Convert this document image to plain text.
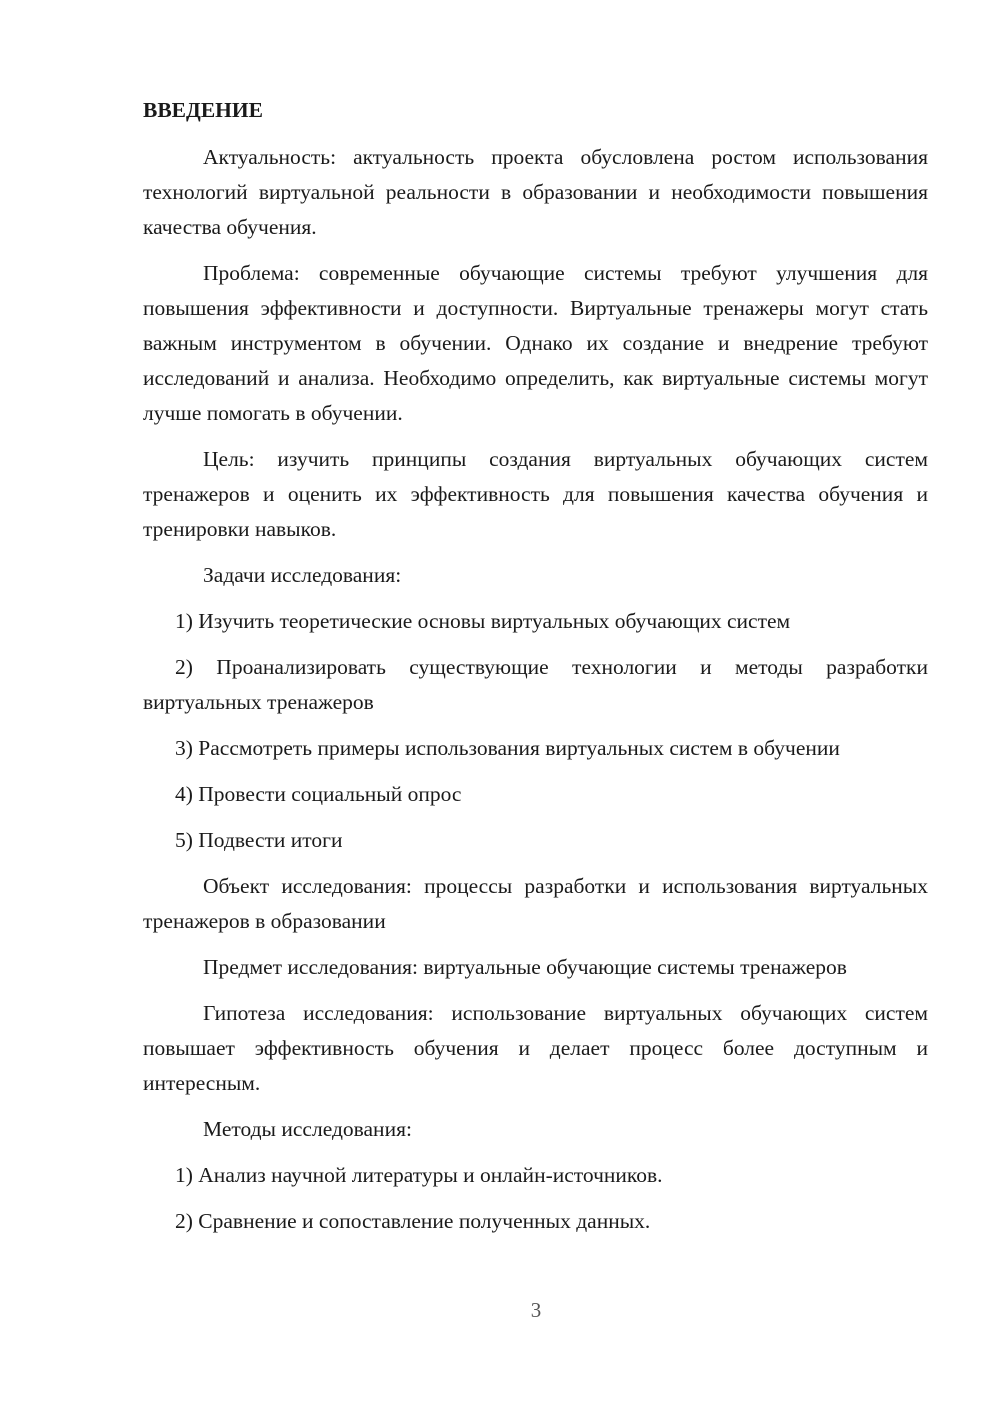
ВВЕДЕНИЕ

Актуальность: актуальность проекта обусловлена ростом использования технологий виртуальной реальности в образовании и необходимости повышения качества обучения.

Проблема: современные обучающие системы требуют улучшения для повышения эффективности и доступности. Виртуальные тренажеры могут стать важным инструментом в обучении. Однако их создание и внедрение требуют исследований и анализа. Необходимо определить, как виртуальные системы могут лучше помогать в обучении.

Цель: изучить принципы создания виртуальных обучающих систем тренажеров и оценить их эффективность для повышения качества обучения и тренировки навыков.

Задачи исследования:

1) Изучить теоретические основы виртуальных обучающих систем

2) Проанализировать существующие технологии и методы разработки виртуальных тренажеров

3) Рассмотреть примеры использования виртуальных систем в обучении

4) Провести социальный опрос

5) Подвести итоги

Объект исследования: процессы разработки и использования виртуальных тренажеров в образовании

Предмет исследования: виртуальные обучающие системы тренажеров

Гипотеза исследования: использование виртуальных обучающих систем повышает эффективность обучения и делает процесс более доступным и интересным.

Методы исследования:

1) Анализ научной литературы и онлайн-источников.

2) Сравнение и сопоставление полученных данных.

3
